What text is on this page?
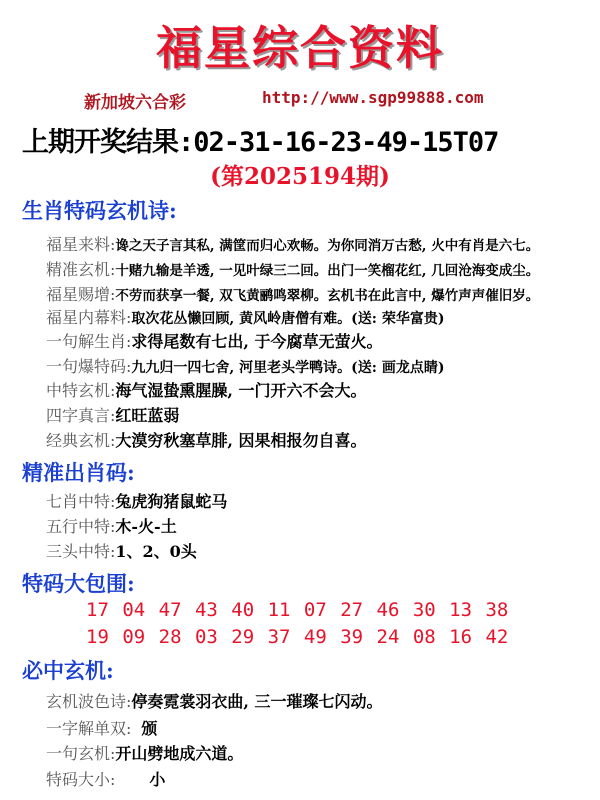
福星综合资料
新加坡六合彩	http://www.sgp99888.com
上期开奖结果:02-31-16-23-49-15T07
(第2025194期)
生肖特码玄机诗:
福星来料:谗之天子言其私, 满筐而归心欢畅。为你同消万古愁, 火中有肖是六七。
精准玄机:十赌九输是羊透, 一见叶绿三二回。出门一笑榴花红, 几回沧海变成尘。
福星赐增:不劳而获享一餐, 双飞黄鹂鸣翠柳。玄机书在此言中, 爆竹声声催旧岁。
福星内幕料:取次花丛懒回顾, 黄风岭唐僧有难。(送: 荣华富贵)
一句解生肖:求得尾数有七出, 于今腐草无萤火。
一句爆特码:九九归一四七舍, 河里老头学鸭诗。(送: 画龙点睛)
中特玄机:海气湿蛰熏腥臊, 一门开六不会大。
四字真言:红旺蓝弱
经典玄机:大漠穷秋塞草腓, 因果相报勿自喜。
精准出肖码:
七肖中特:兔虎狗猪鼠蛇马
五行中特:木-火-土
三头中特:1、2、0头
特码大包围:
17 04 47 43 40 11 07 27 46 30 13 38
19 09 28 03 29 37 49 39 24 08 16 42
必中玄机:
玄机波色诗:停奏霓裳羽衣曲, 三一璀璨七闪动。
一字解单双: 颁
一句玄机:开山劈地成六道。
特码大小: 小
